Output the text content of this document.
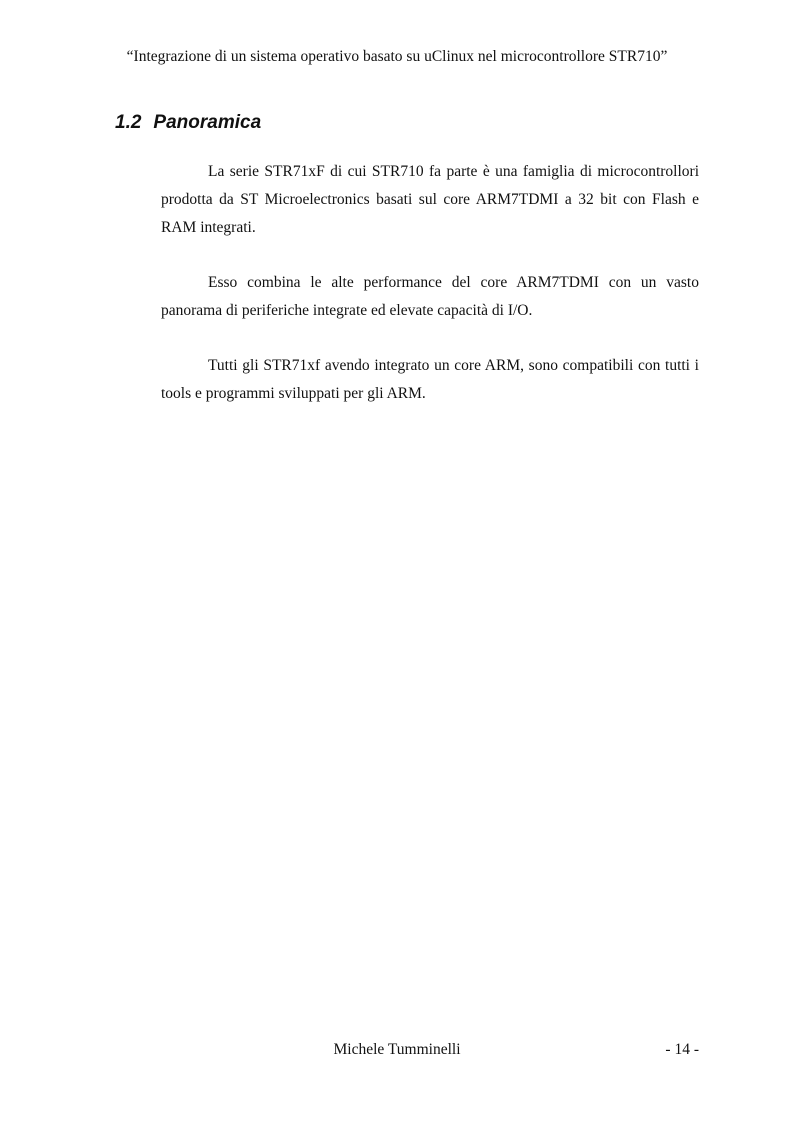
“Integrazione di un sistema operativo basato su uClinux nel microcontrollore STR710”
1.2 Panoramica

La serie STR71xF di cui STR710 fa parte è una famiglia di microcontrollori prodotta da ST Microelectronics basati sul core ARM7TDMI a 32 bit con Flash e RAM integrati.

Esso combina le alte performance del core ARM7TDMI con un vasto panorama di periferiche integrate ed elevate capacità di I/O.

Tutti gli STR71xf avendo integrato un core ARM, sono compatibili con tutti i tools e programmi sviluppati per gli ARM.

Michele Tumminelli	- 14 -
